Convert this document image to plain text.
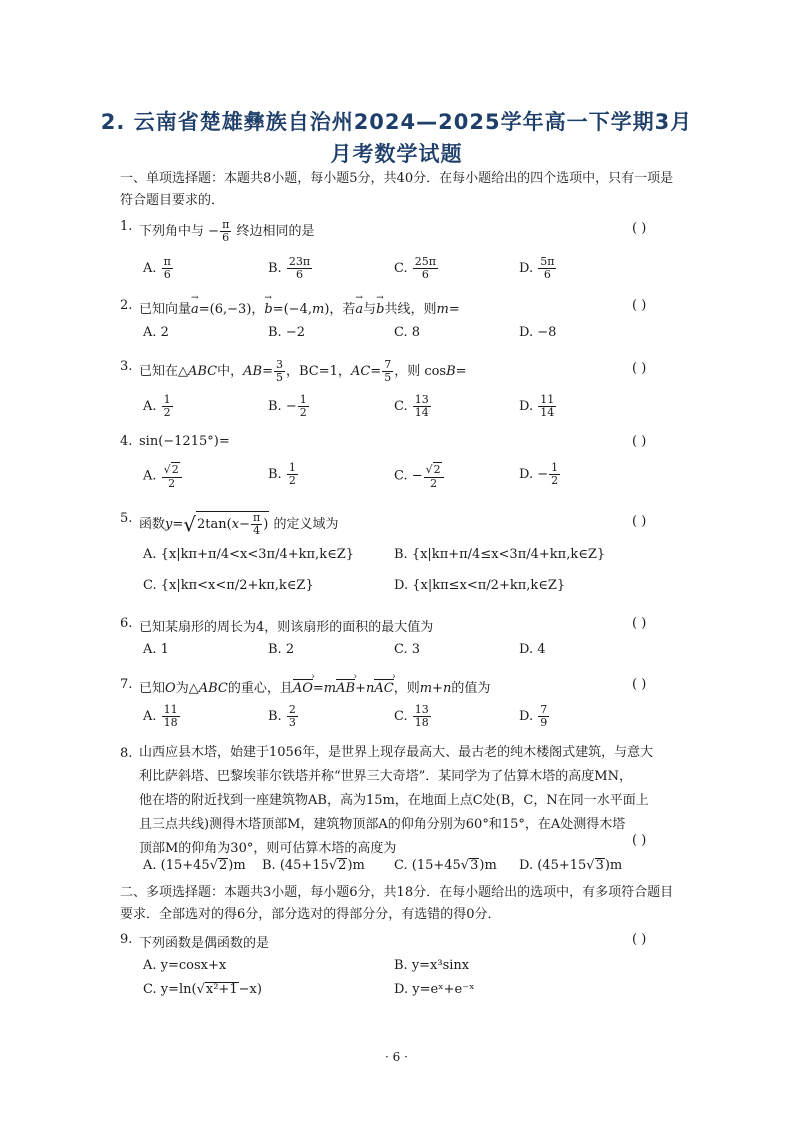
2. 云南省楚雄彝族自治州2024—2025学年高一下学期3月
月考数学试题
一、单项选择题：本题共8小题，每小题5分，共40分．在每小题给出的四个选项中，只有一项是符合题目要求的．
1. 下列角中与 − $\frac{\pi}{6}$ 终边相同的是	( )
A. $\frac{\pi}{6}$	B. $\frac{23\pi}{6}$	C. $\frac{25\pi}{6}$	D. $\frac{5\pi}{6}$
2. 已知向量→ a=(6,−3)，→ b=(−4,m)，若→ a与→ b共线，则m=	( )
A. 2	B. −2	C. 8	D. −8
3. 已知在△ABC中，$AB= \frac{3}{5}$ ，BC=1，$AC= \frac{7}{5}$ ，则 cosB=	( )
A. $\frac{1}{2}$	B. − $\frac{1}{2}$	C. $\frac{13}{14}$	D. $\frac{11}{14}$
4. sin(−1215°)=	( )
A. $\frac{√2}{2}$	B. $\frac{1}{2}$	C. − $\frac{√2}{2}$	D. − $\frac{1}{2}$
5. 函数$y=√2\tan(x- \frac{\pi}{4}$ ) 的定义域为	( )
A. {x|kπ+π/4<x<3π/4+kπ,k∈Z}	B. {x|kπ+π/4≤x<3π/4+kπ,k∈Z}
C. {x|kπ<x<π/2+kπ,k∈Z}	D. {x|kπ≤x<π/2+kπ,k∈Z}
6. 已知某扇形的周长为4，则该扇形的面积的最大值为	( )
A. 1	B. 2	C. 3	D. 4
7. 已知O为△ABC的重心，且AO ›=mAB ›+nAC ›，则m+n的值为	( )
A. $\frac{11}{18}$	B. $\frac{2}{3}$	C. $\frac{13}{18}$	D. $\frac{7}{9}$
8. 山西应县木塔，始建于1056年，是世界上现存最高大、最古老的纯木楼阁式建筑，与意大
利比萨斜塔、巴黎埃菲尔铁塔并称“世界三大奇塔”．某同学为了估算木塔的高度MN，
他在塔的附近找到一座建筑物AB，高为15m，在地面上点C处(B，C，N在同一水平面上
且三点共线)测得木塔顶部M，建筑物顶部A的仰角分别为60°和15°，在A处测得木塔
顶部M的仰角为30°，则可估算木塔的高度为
( )
A. (15+45√2)m B. (45+15√2)m C. (15+45√3)m D. (45+15√3)m
二、多项选择题：本题共3小题，每小题6分，共18分．在每小题给出的选项中，有多项符合题目要求．全部选对的得6分，部分选对的得部分分，有选错的得0分．
9. 下列函数是偶函数的是	( )
A. y=cosx+x	B. y=x³sinx
C. y=ln(√x²+1−x)	D. y=eˣ+e⁻ˣ
· 6 ·
